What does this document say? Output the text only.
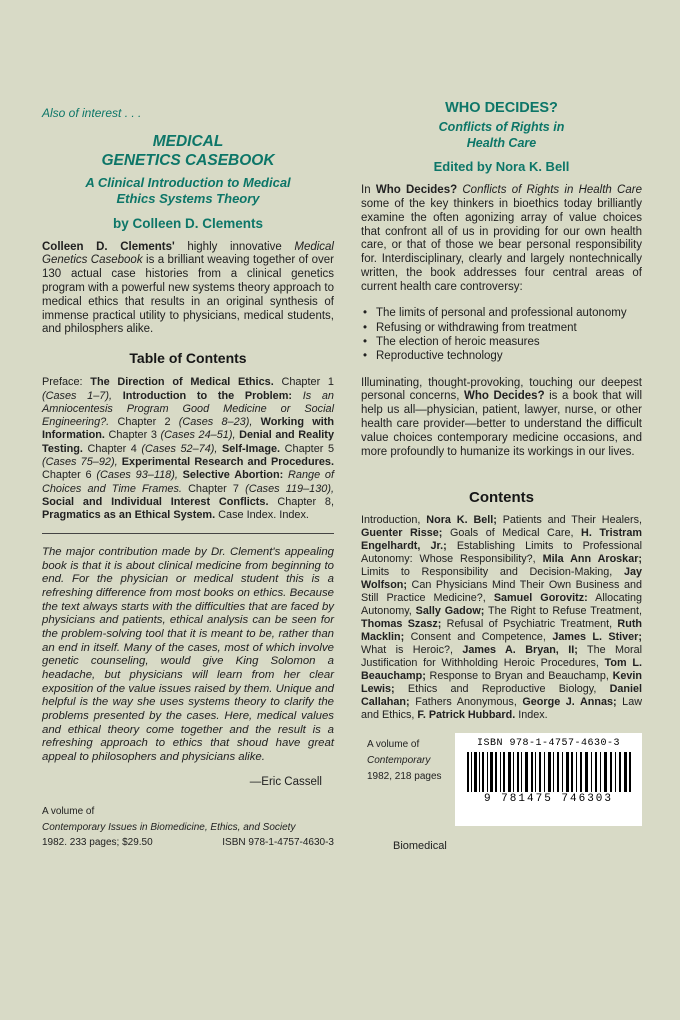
Also of interest . . .
MEDICAL
GENETICS CASEBOOK
A Clinical Introduction to Medical Ethics Systems Theory
by Colleen D. Clements

Colleen D. Clements' highly innovative Medical Genetics Casebook is a brilliant weaving together of over 130 actual case histories from a clinical genetics program with a powerful new systems theory approach to medical ethics that results in an original synthesis of immense practical utility to physicians, medical students, and philosphers alike.

Table of Contents

Preface: The Direction of Medical Ethics. Chapter 1 (Cases 1–7), Introduction to the Problem: Is an Amniocentesis Program Good Medicine or Social Engineering?. Chapter 2 (Cases 8–23), Working with Information. Chapter 3 (Cases 24–51), Denial and Reality Testing. Chapter 4 (Cases 52–74), Self-Image. Chapter 5 (Cases 75–92), Experimental Research and Procedures. Chapter 6 (Cases 93–118), Selective Abortion: Range of Choices and Time Frames. Chapter 7 (Cases 119–130), Social and Individual Interest Conflicts. Chapter 8, Pragmatics as an Ethical System. Case Index. Index.

The major contribution made by Dr. Clement's appealing book is that it is about clinical medicine from beginning to end. For the physician or medical student this is a refreshing difference from most books on ethics. Because the text always starts with the difficulties that are faced by physicians and patients, ethical analysis can be seen for the problem-solving tool that it is meant to be, rather than an end in itself. Many of the cases, most of which involve genetic counseling, would give King Solomon a headache, but physicians will learn from her clear exposition of the value issues raised by them. Unique and helpful is the way she uses systems theory to clarify the problems presented by the cases. Here, medical values and ethical theory come together and the result is a refreshing approach to ethics that shoud have great appeal to philosophers and physicians alike.

—Eric Cassell
A volume of
Contemporary Issues in Biomedicine, Ethics, and Society
1982. 233 pages; $29.50	ISBN 978-1-4757-4630-3
WHO DECIDES?
Conflicts of Rights in Health Care
Edited by Nora K. Bell

In Who Decides? Conflicts of Rights in Health Care some of the key thinkers in bioethics today brilliantly examine the often agonizing array of value choices that confront all of us in providing for our own health care, or that of those we bear personal responsibility for. Interdisciplinary, clearly and largely nontechnically written, the book addresses four central areas of current health care controversy:

• The limits of personal and professional autonomy
• Refusing or withdrawing from treatment
• The election of heroic measures
• Reproductive technology

Illuminating, thought-provoking, touching our deepest personal concerns, Who Decides? is a book that will help us all—physician, patient, lawyer, nurse, or other health care provider—better to understand the difficult value choices contemporary medicine occasions, and more profoundly to humanize its workings in our lives.

Contents

Introduction, Nora K. Bell; Patients and Their Healers, Guenter Risse; Goals of Medical Care, H. Tristram Engelhardt, Jr.; Establishing Limits to Professional Autonomy: Whose Responsibility?, Mila Ann Aroskar; Limits to Responsibility and Decision-Making, Jay Wolfson; Can Physicians Mind Their Own Business and Still Practice Medicine?, Samuel Gorovitz: Allocating Autonomy, Sally Gadow; The Right to Refuse Treatment, Thomas Szasz; Refusal of Psychiatric Treatment, Ruth Macklin; Consent and Competence, James L. Stiver; What is Heroic?, James A. Bryan, II; The Moral Justification for Withholding Heroic Procedures, Tom L. Beauchamp; Response to Bryan and Beauchamp, Kevin Lewis; Ethics and Reproductive Biology, Daniel Callahan; Fathers Anonymous, George J. Annas; Law and Ethics, F. Patrick Hubbard. Index.

A volume of
Contemporary
1982, 218 pages
ISBN 978-1-4757-4630-3
9 781475 746303
Biomedical
